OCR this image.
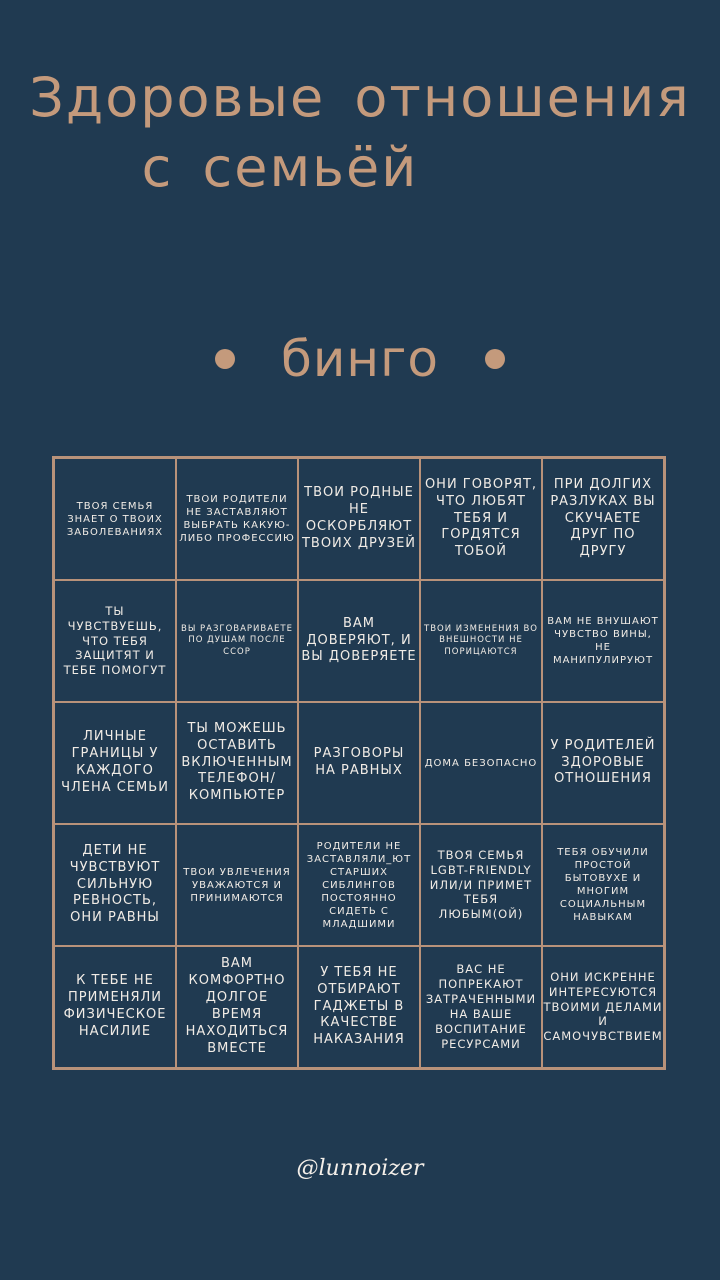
Здоровые отношения
с семьёй
бинго
ТВОЯ СЕМЬЯ ЗНАЕТ О ТВОИХ ЗАБОЛЕВАНИЯХ
ТВОИ РОДИТЕЛИ НЕ ЗАСТАВЛЯЮТ ВЫБРАТЬ КАКУЮ-ЛИБО ПРОФЕССИЮ
ТВОИ РОДНЫЕ НЕ ОСКОРБЛЯЮТ ТВОИХ ДРУЗЕЙ
ОНИ ГОВОРЯТ, ЧТО ЛЮБЯТ ТЕБЯ И ГОРДЯТСЯ ТОБОЙ
ПРИ ДОЛГИХ РАЗЛУКАХ ВЫ СКУЧАЕТЕ ДРУГ ПО ДРУГУ
ТЫ ЧУВСТВУЕШЬ, ЧТО ТЕБЯ ЗАЩИТЯТ И ТЕБЕ ПОМОГУТ
ВЫ РАЗГОВАРИВАЕТЕ ПО ДУШАМ ПОСЛЕ ССОР
ВАМ ДОВЕРЯЮТ, И ВЫ ДОВЕРЯЕТЕ
ТВОИ ИЗМЕНЕНИЯ ВО ВНЕШНОСТИ НЕ ПОРИЦАЮТСЯ
ВАМ НЕ ВНУШАЮТ ЧУВСТВО ВИНЫ, НЕ МАНИПУЛИРУЮТ
ЛИЧНЫЕ ГРАНИЦЫ У КАЖДОГО ЧЛЕНА СЕМЬИ
ТЫ МОЖЕШЬ ОСТАВИТЬ ВКЛЮЧЕННЫМ ТЕЛЕФОН/ КОМПЬЮТЕР
РАЗГОВОРЫ НА РАВНЫХ	ДОМА БЕЗОПАСНО
У РОДИТЕЛЕЙ ЗДОРОВЫЕ ОТНОШЕНИЯ
ДЕТИ НЕ ЧУВСТВУЮТ СИЛЬНУЮ РЕВНОСТЬ, ОНИ РАВНЫ
ТВОИ УВЛЕЧЕНИЯ УВАЖАЮТСЯ И ПРИНИМАЮТСЯ
РОДИТЕЛИ НЕ ЗАСТАВЛЯЛИ_ЮТ СТАРШИХ СИБЛИНГОВ ПОСТОЯННО СИДЕТЬ С МЛАДШИМИ
ТВОЯ СЕМЬЯ LGBT-FRIENDLY ИЛИ/И ПРИМЕТ ТЕБЯ ЛЮБЫМ(ОЙ)
ТЕБЯ ОБУЧИЛИ ПРОСТОЙ БЫТОВУХЕ И МНОГИМ СОЦИАЛЬНЫМ НАВЫКАМ
К ТЕБЕ НЕ ПРИМЕНЯЛИ ФИЗИЧЕСКОЕ НАСИЛИЕ
ВАМ КОМФОРТНО ДОЛГОЕ ВРЕМЯ НАХОДИТЬСЯ ВМЕСТЕ
У ТЕБЯ НЕ ОТБИРАЮТ ГАДЖЕТЫ В КАЧЕСТВЕ НАКАЗАНИЯ
ВАС НЕ ПОПРЕКАЮТ ЗАТРАЧЕННЫМИ НА ВАШЕ ВОСПИТАНИЕ РЕСУРСАМИ
ОНИ ИСКРЕННЕ ИНТЕРЕСУЮТСЯ ТВОИМИ ДЕЛАМИ И САМОЧУВСТВИЕМ
@lunnoizer
